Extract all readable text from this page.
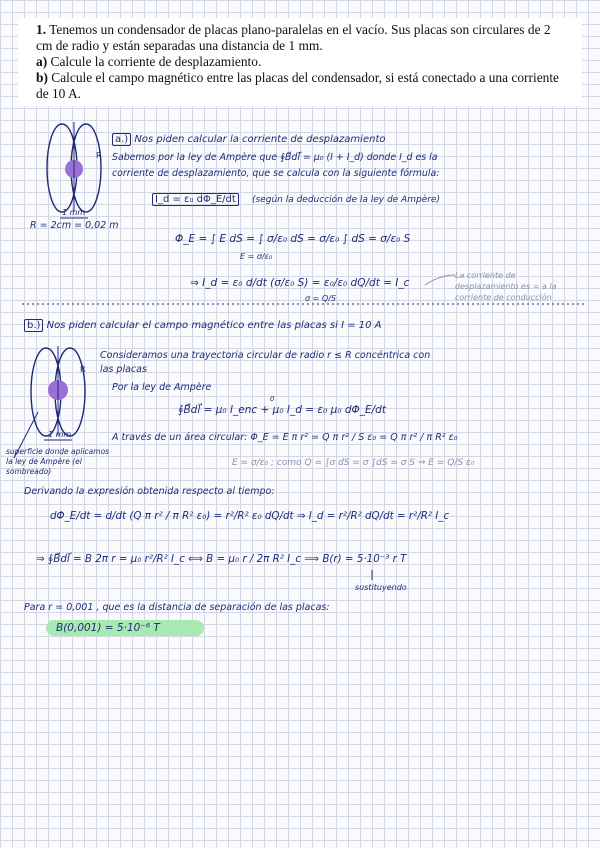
1. Tenemos un condensador de placas plano-paralelas en el vacío. Sus placas son circulares de 2 cm de radio y están separadas una distancia de 1 mm.
a) Calcule la corriente de desplazamiento.
b) Calcule el campo magnético entre las placas del condensador, si está conectado a una corriente de 10 A.
R
R
a.) Nos piden calcular la corriente de desplazamiento
Sabemos por la ley de Ampère que ∮B⃗dl⃗ = μ₀ (I + I_d) donde I_d es la
corriente de desplazamiento, que se calcula con la siguiente fórmula:
I_d = ε₀ dΦ_E/dt (según la deducción de la ley de Ampère)
R = 2cm = 0,02 m
1 mm
Φ_E = ∫ E dS = ∫ σ/ε₀ dS = σ/ε₀ ∫ dS = σ/ε₀ S
E = σ/ε₀
⇒ I_d = ε₀ d/dt (σ/ε₀ S) = ε₀/ε₀ dQ/dt = I_c
σ = Q/S
La corriente de desplazamiento es = a la corriente de conducción
b.) Nos piden calcular el campo magnético entre las placas si I = 10 A
Consideramos una trayectoria circular de radio r ≤ R concéntrica con
las placas
Por la ley de Ampère
∮B⃗dl⃗ = μ₀ I_enc + μ₀ I_d = ε₀ μ₀ dΦ_E/dt
0
A través de un área circular: Φ_E = E π r² = Q π r² / S ε₀ = Q π r² / π R² ε₀
E = σ/ε₀ ; como Q = ∫σ dS = σ ∫dS = σ S ⇒ E = Q/S ε₀
1 mm
superficie donde aplicamos la ley de Ampère (el sombreado)
Derivando la expresión obtenida respecto al tiempo:
dΦ_E/dt = d/dt (Q π r² / π R² ε₀) = r²/R² ε₀ dQ/dt ⇒ I_d = r²/R² dQ/dt = r²/R² I_c
⇒ ∮B⃗dl⃗ = B 2π r = μ₀ r²/R² I_c ⟺ B = μ₀ r / 2π R² I_c ⟹ B(r) = 5·10⁻³ r T
sustituyendo
Para r = 0,001 , que es la distancia de separación de las placas:
B(0,001) = 5·10⁻⁶ T
